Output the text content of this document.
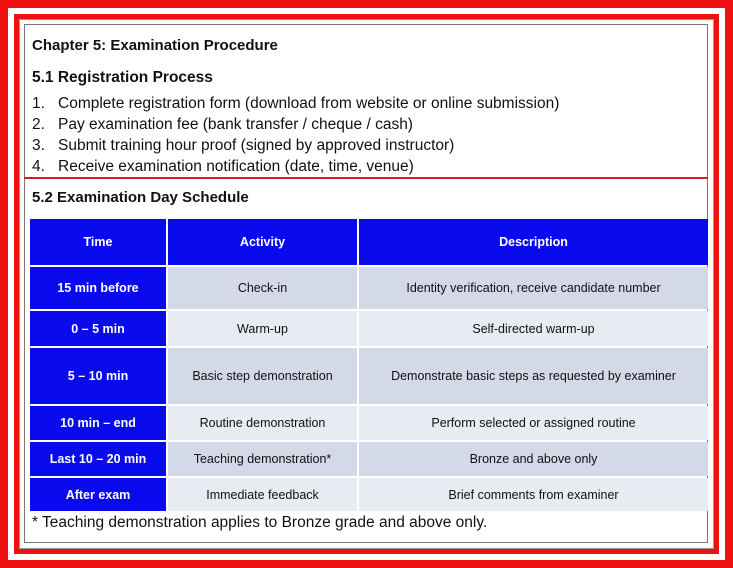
Chapter 5: Examination Procedure
5.1 Registration Process
1. Complete registration form (download from website or online submission)
2. Pay examination fee (bank transfer / cheque / cash)
3. Submit training hour proof (signed by approved instructor)
4. Receive examination notification (date, time, venue)
5.2 Examination Day Schedule
Time	Activity	Description
15 min before	Check-in	Identity verification, receive candidate number
0 – 5 min	Warm-up	Self-directed warm-up
5 – 10 min	Basic step demonstration	Demonstrate basic steps as requested by examiner
10 min – end	Routine demonstration	Perform selected or assigned routine
Last 10 – 20 min	Teaching demonstration*	Bronze and above only
After exam	Immediate feedback	Brief comments from examiner
* Teaching demonstration applies to Bronze grade and above only.
